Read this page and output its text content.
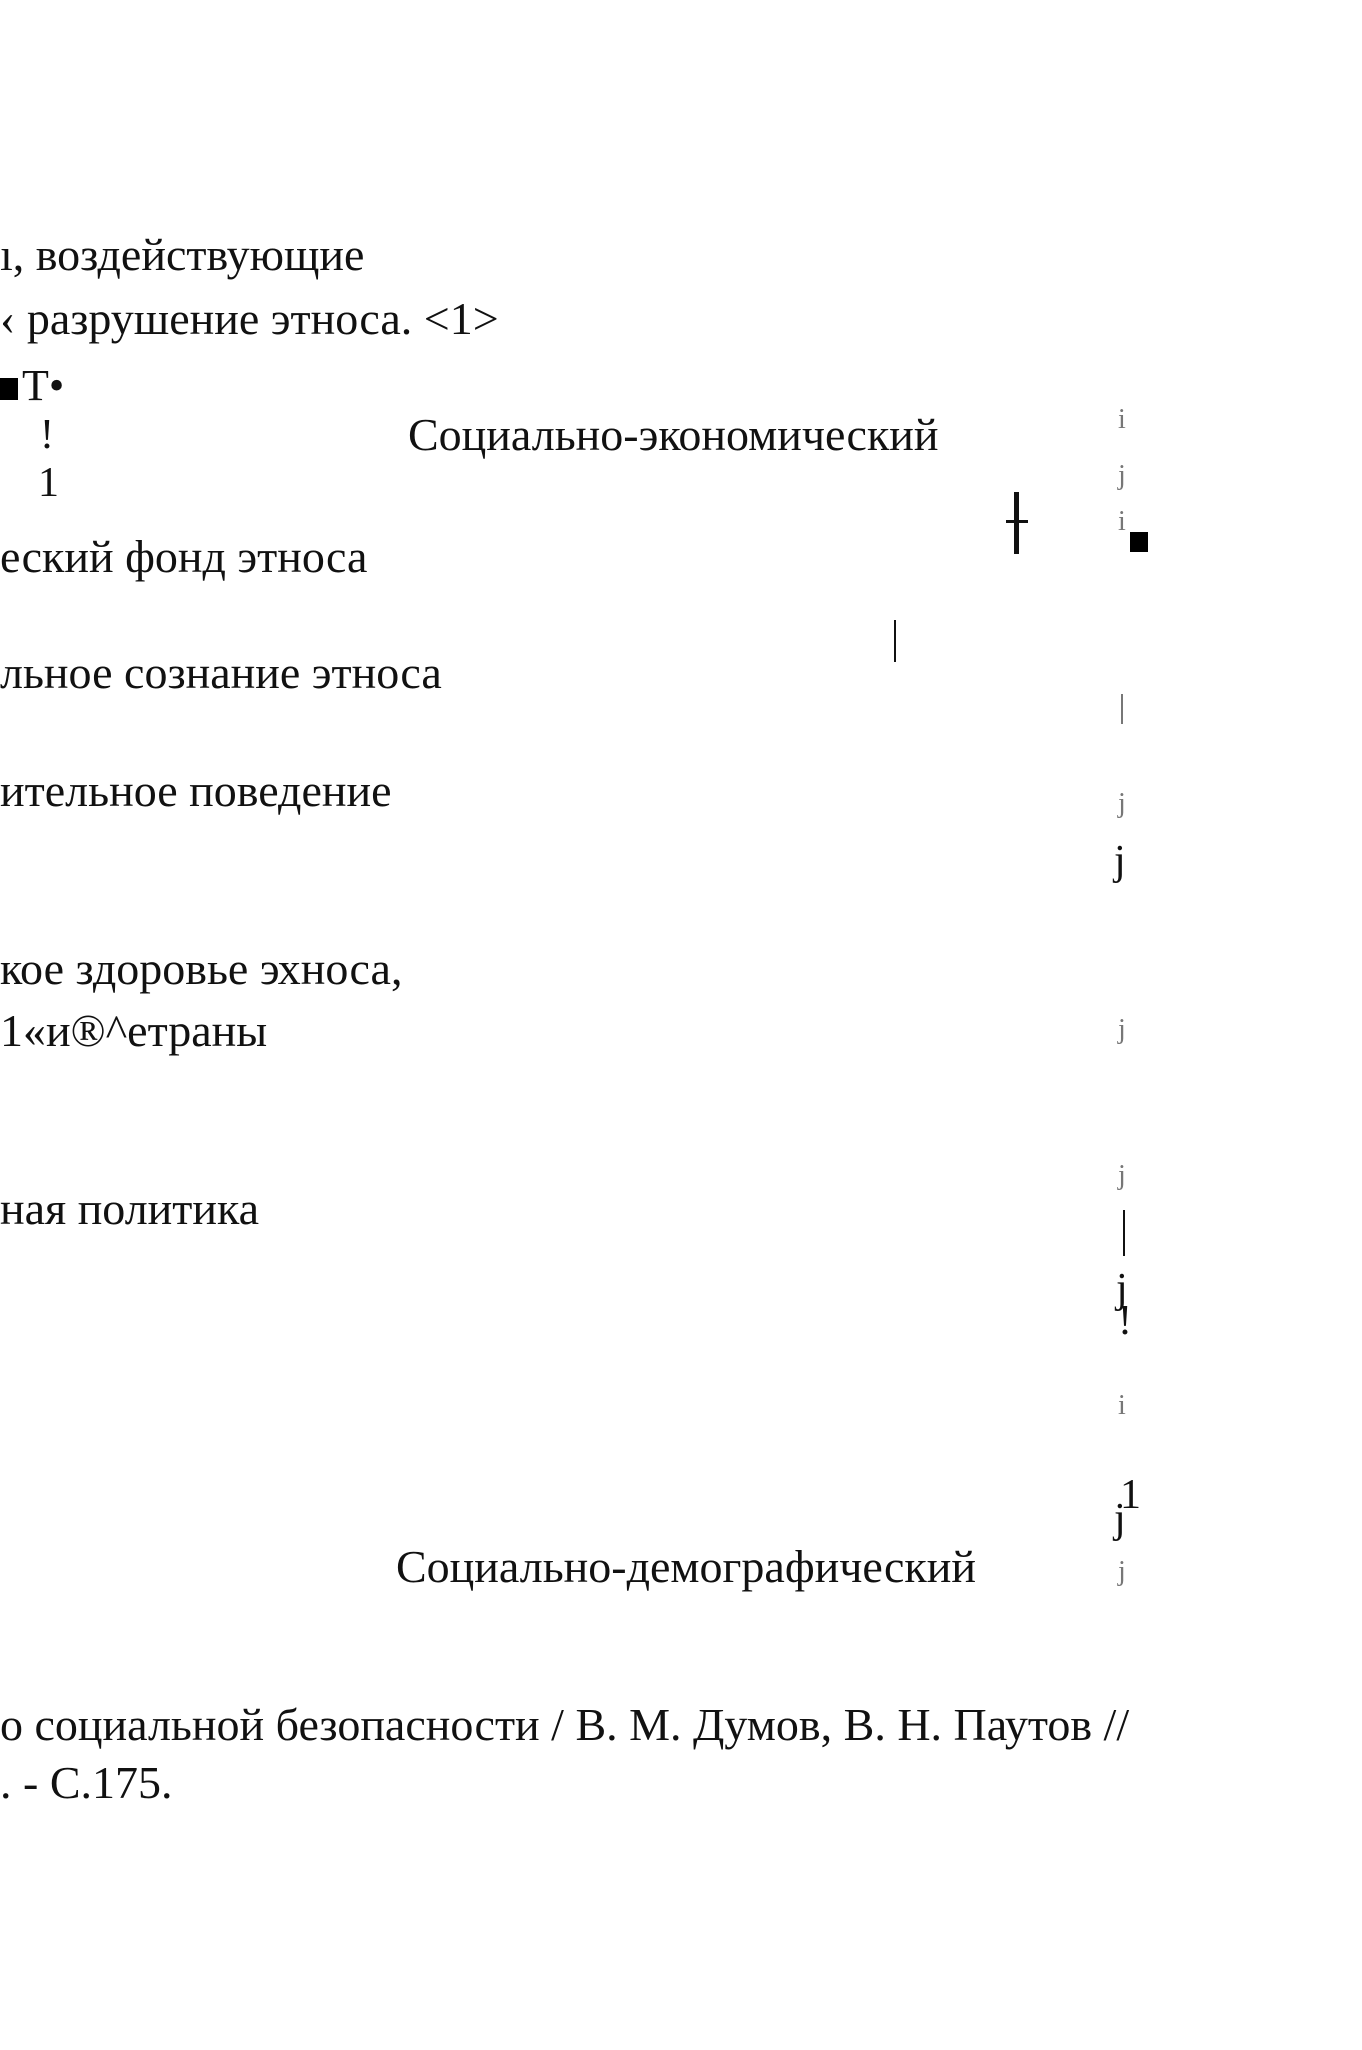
ı, воздействующие
‹ разрушение этноса. <1>
T•
!
1
Социально-экономический
еский фонд этноса
льное сознание этноса
ительное поведение
кое здоровье эхноса,
1«и®^етраны
ная политика
i
j
i
j
j
j
j
j
!
i
1
j
j
Социально-демографический
о социальной безопасности / В. М. Думов, В. Н. Паутов //
. - С.175.
